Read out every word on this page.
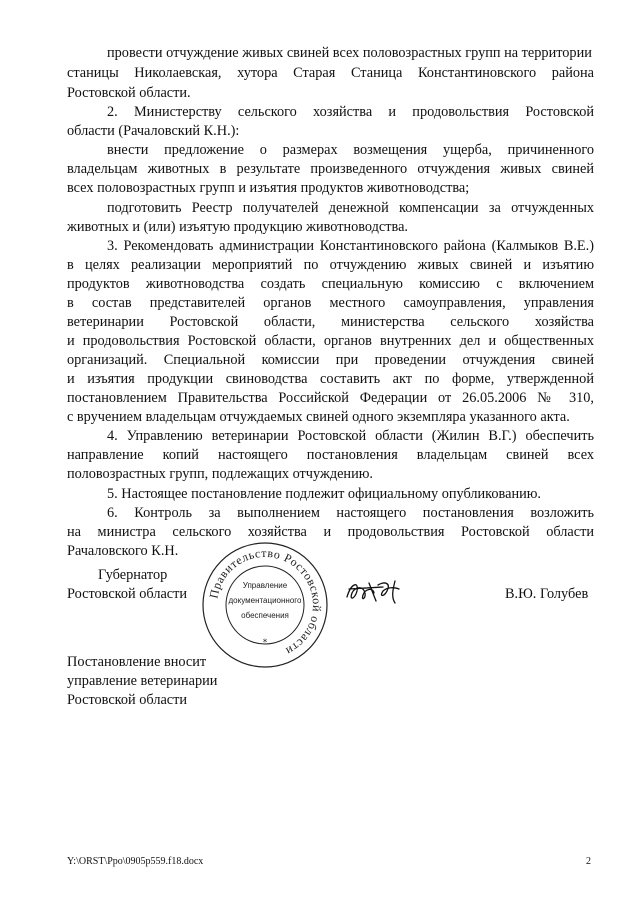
провести отчуждение живых свиней всех половозрастных групп на территории
станицы Николаевская, хутора Старая Станица Константиновского района
Ростовской области.
2. Министерству сельского хозяйства и продовольствия Ростовской
области (Рачаловский К.Н.):
внести предложение о размерах возмещения ущерба, причиненного
владельцам животных в результате произведенного отчуждения живых свиней
всех половозрастных групп и изъятия продуктов животноводства;
подготовить Реестр получателей денежной компенсации за отчужденных
животных и (или) изъятую продукцию животноводства.
3. Рекомендовать администрации Константиновского района (Калмыков В.Е.)
в целях реализации мероприятий по отчуждению живых свиней и изъятию
продуктов животноводства создать специальную комиссию с включением
в состав представителей органов местного самоуправления, управления
ветеринарии Ростовской области, министерства сельского хозяйства
и продовольствия Ростовской области, органов внутренних дел и общественных
организаций. Специальной комиссии при проведении отчуждения свиней
и изъятия продукции свиноводства составить акт по форме, утвержденной
постановлением Правительства Российской Федерации от 26.05.2006 № 310,
с вручением владельцам отчуждаемых свиней одного экземпляра указанного акта.
4. Управлению ветеринарии Ростовской области (Жилин В.Г.) обеспечить
направление копий настоящего постановления владельцам свиней всех
половозрастных групп, подлежащих отчуждению.
5. Настоящее постановление подлежит официальному опубликованию.
6. Контроль за выполнением настоящего постановления возложить
на министра сельского хозяйства и продовольствия Ростовской области
Рачаловского К.Н.
Губернатор
Ростовской области Правительство Ростовской области
Управление
документационного
обеспечения
*
В.Ю. Голубев
Постановление вносит
управление ветеринарии
Ростовской области
Y:\ORST\Ppo\0905p559.f18.docx	2
